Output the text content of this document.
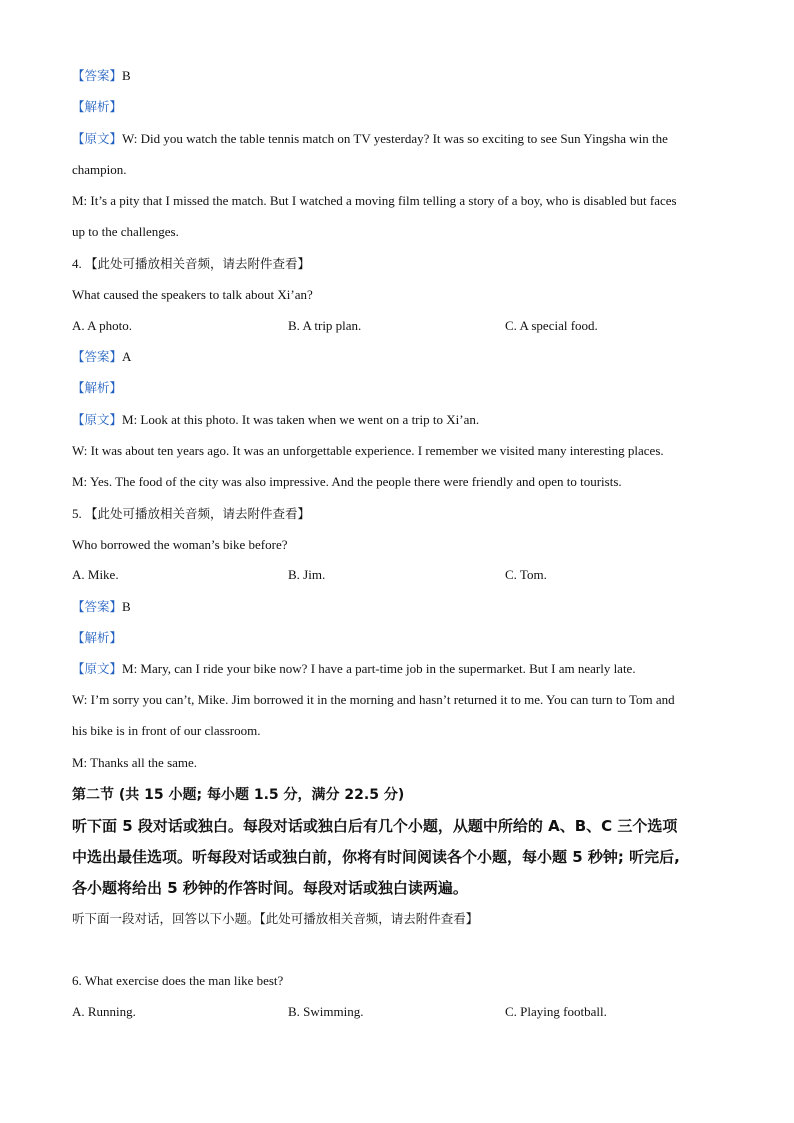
【答案】B
【解析】
【原文】W: Did you watch the table tennis match on TV yesterday? It was so exciting to see Sun Yingsha win the
champion.
M: It’s a pity that I missed the match. But I watched a moving film telling a story of a boy, who is disabled but faces
up to the challenges.
4. 【此处可播放相关音频，请去附件查看】
What caused the speakers to talk about Xi’an?
A. A photo.	B. A trip plan.	C. A special food.
【答案】A
【解析】
【原文】M: Look at this photo. It was taken when we went on a trip to Xi’an.
W: It was about ten years ago. It was an unforgettable experience. I remember we visited many interesting places.
M: Yes. The food of the city was also impressive. And the people there were friendly and open to tourists.
5. 【此处可播放相关音频，请去附件查看】
Who borrowed the woman’s bike before?
A. Mike.	B. Jim.	C. Tom.
【答案】B
【解析】
【原文】M: Mary, can I ride your bike now? I have a part-time job in the supermarket. But I am nearly late.
W: I’m sorry you can’t, Mike. Jim borrowed it in the morning and hasn’t returned it to me. You can turn to Tom and
his bike is in front of our classroom.
M: Thanks all the same.
第二节 (共 15 小题; 每小题 1.5 分，满分 22.5 分)
听下面 5 段对话或独白。每段对话或独白后有几个小题，从题中所给的 A、B、C 三个选项
中选出最佳选项。听每段对话或独白前，你将有时间阅读各个小题，每小题 5 秒钟; 听完后,
各小题将给出 5 秒钟的作答时间。每段对话或独白读两遍。
听下面一段对话，回答以下小题。【此处可播放相关音频，请去附件查看】
6. What exercise does the man like best?
A. Running.	B. Swimming.	C. Playing football.
